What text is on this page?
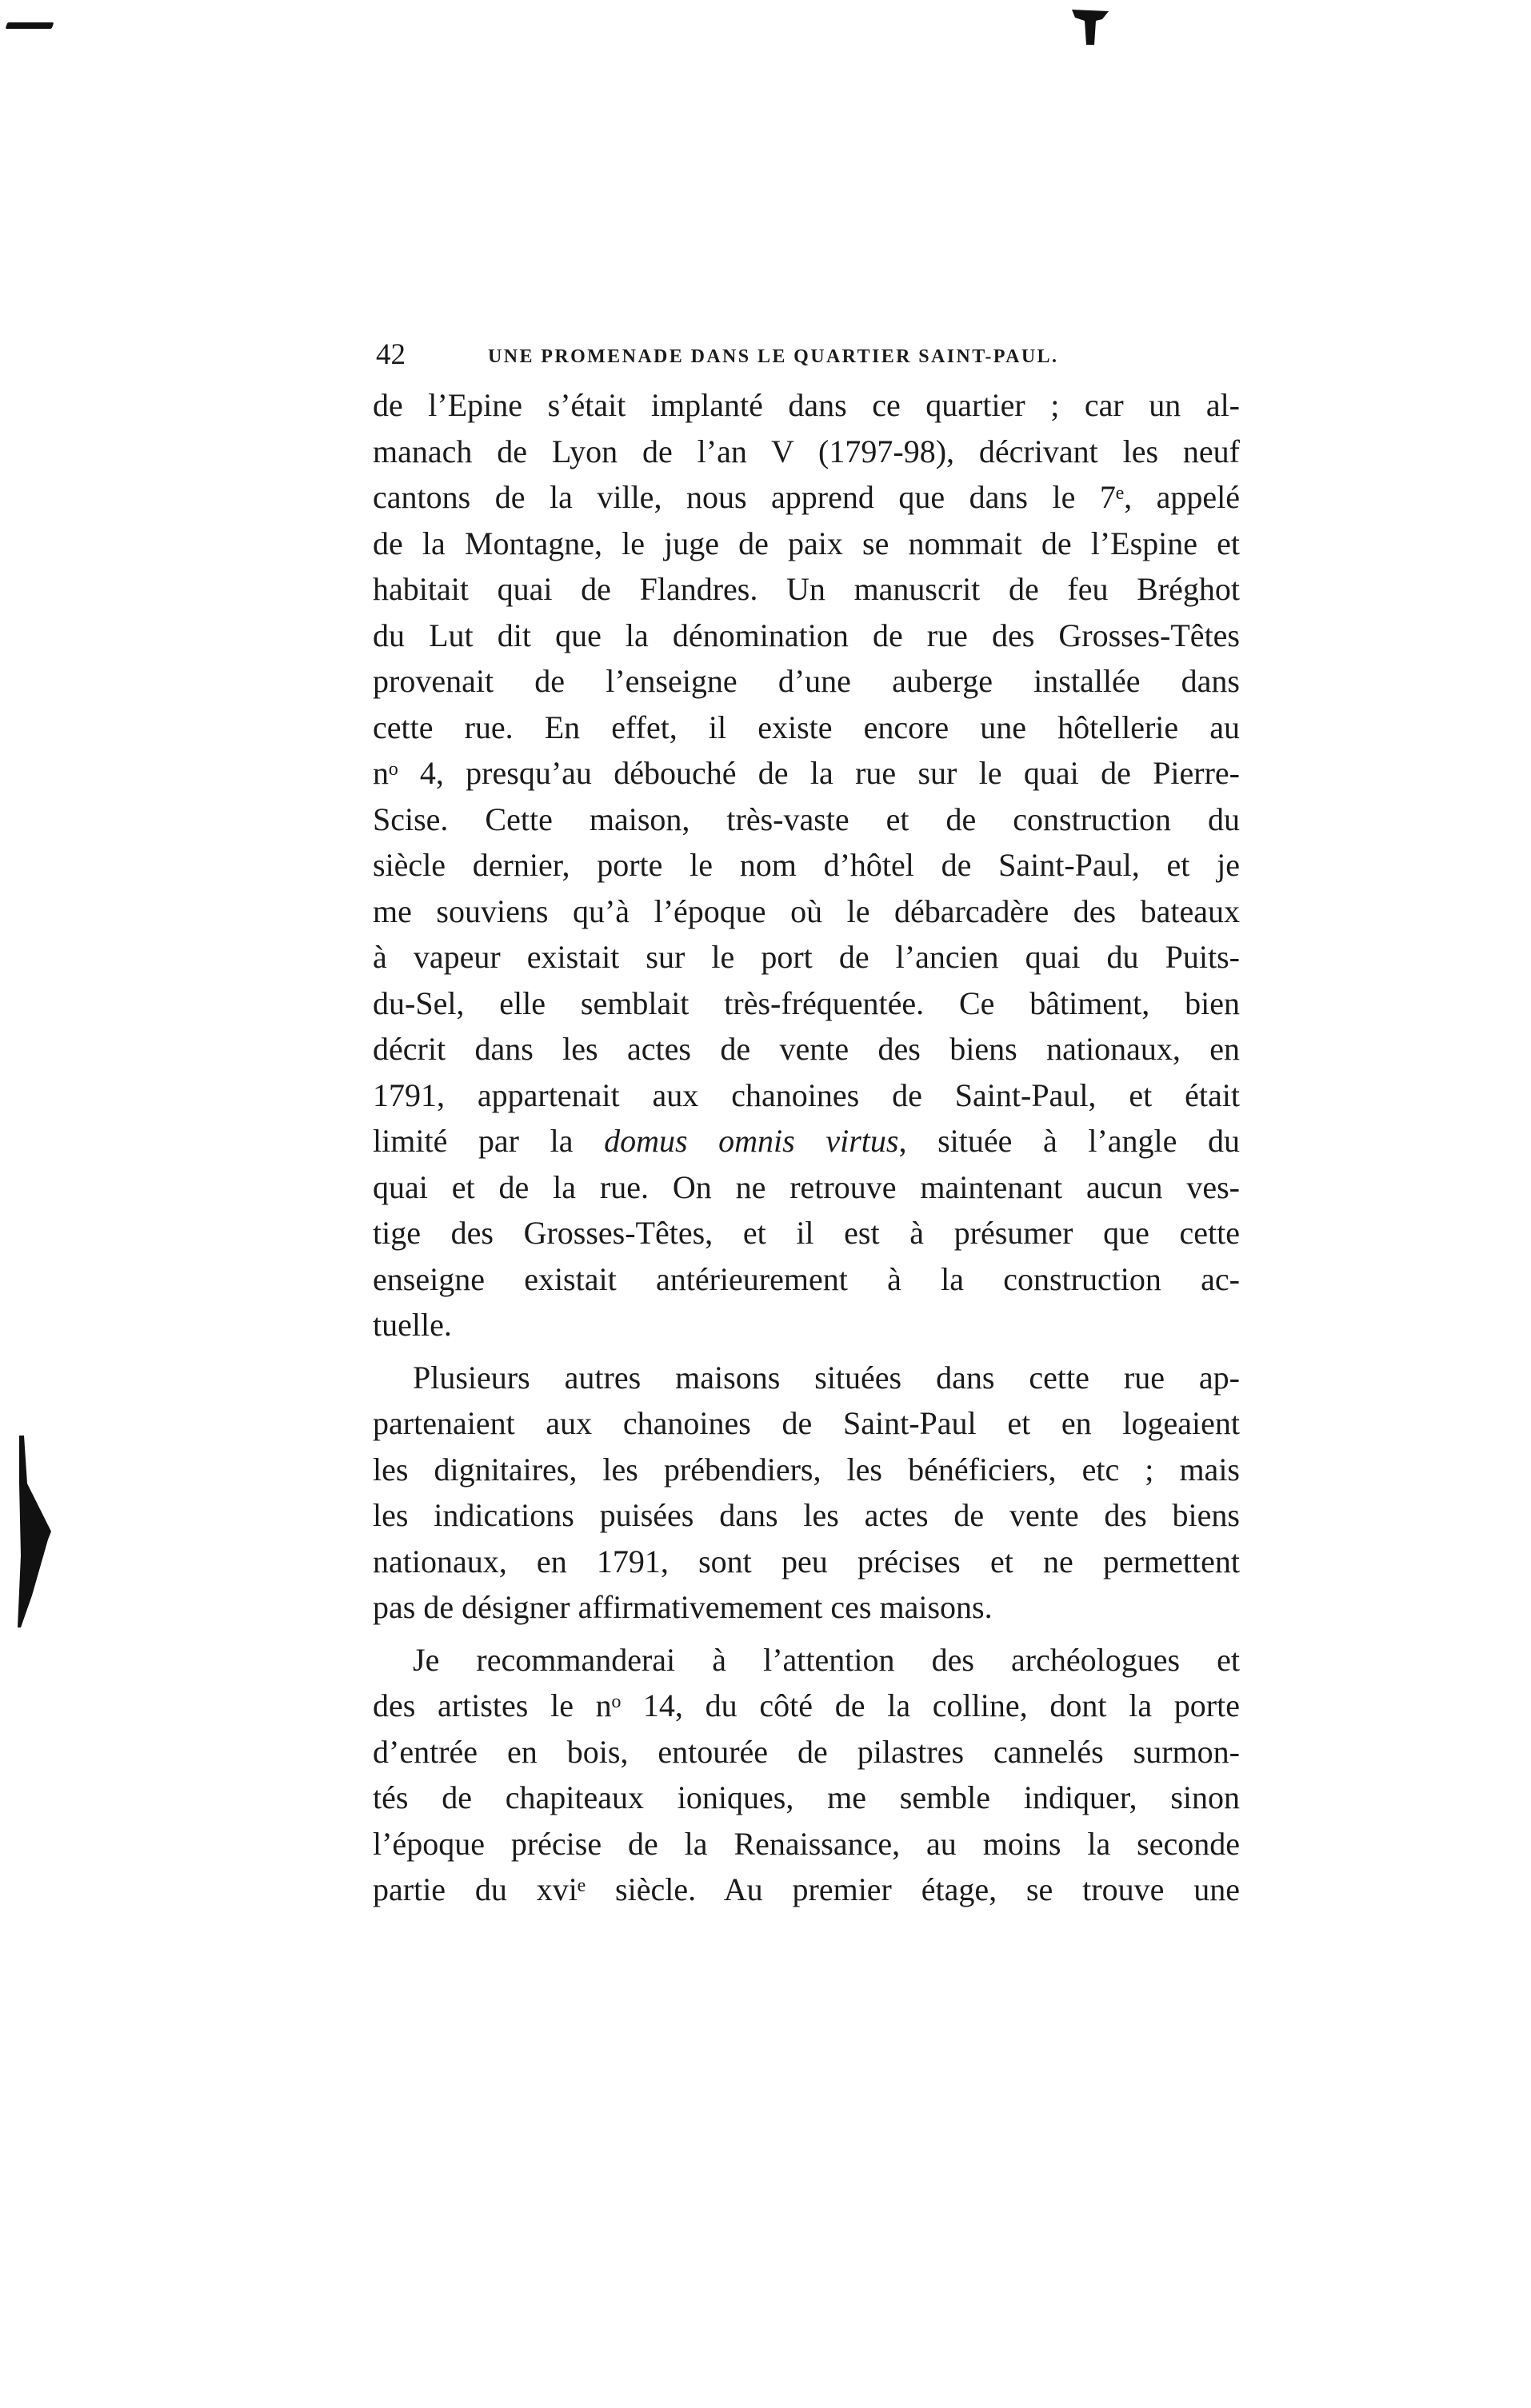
42	UNE PROMENADE DANS LE QUARTIER SAINT-PAUL.
de l’Epine s’était implanté dans ce quartier ; car un al-
manach de Lyon de l’an V (1797-98), décrivant les neuf
cantons de la ville, nous apprend que dans le 7ᵉ, appelé
de la Montagne, le juge de paix se nommait de l’Espine et
habitait quai de Flandres. Un manuscrit de feu Bréghot
du Lut dit que la dénomination de rue des Grosses-Têtes
provenait de l’enseigne d’une auberge installée dans
cette rue. En effet, il existe encore une hôtellerie au
nᵒ 4, presqu’au débouché de la rue sur le quai de Pierre-
Scise. Cette maison, très-vaste et de construction du
siècle dernier, porte le nom d’hôtel de Saint-Paul, et je
me souviens qu’à l’époque où le débarcadère des bateaux
à vapeur existait sur le port de l’ancien quai du Puits-
du-Sel, elle semblait très-fréquentée. Ce bâtiment, bien
décrit dans les actes de vente des biens nationaux, en
1791, appartenait aux chanoines de Saint-Paul, et était
limité par la domus omnis virtus, située à l’angle du
quai et de la rue. On ne retrouve maintenant aucun ves-
tige des Grosses-Têtes, et il est à présumer que cette
enseigne existait antérieurement à la construction ac-
tuelle.
Plusieurs autres maisons situées dans cette rue ap-
partenaient aux chanoines de Saint-Paul et en logeaient
les dignitaires, les prébendiers, les bénéficiers, etc ; mais
les indications puisées dans les actes de vente des biens
nationaux, en 1791, sont peu précises et ne permettent
pas de désigner affirmativemement ces maisons.
Je recommanderai à l’attention des archéologues et
des artistes le nᵒ 14, du côté de la colline, dont la porte
d’entrée en bois, entourée de pilastres cannelés surmon-
tés de chapiteaux ioniques, me semble indiquer, sinon
l’époque précise de la Renaissance, au moins la seconde
partie du xviᵉ siècle. Au premier étage, se trouve une
